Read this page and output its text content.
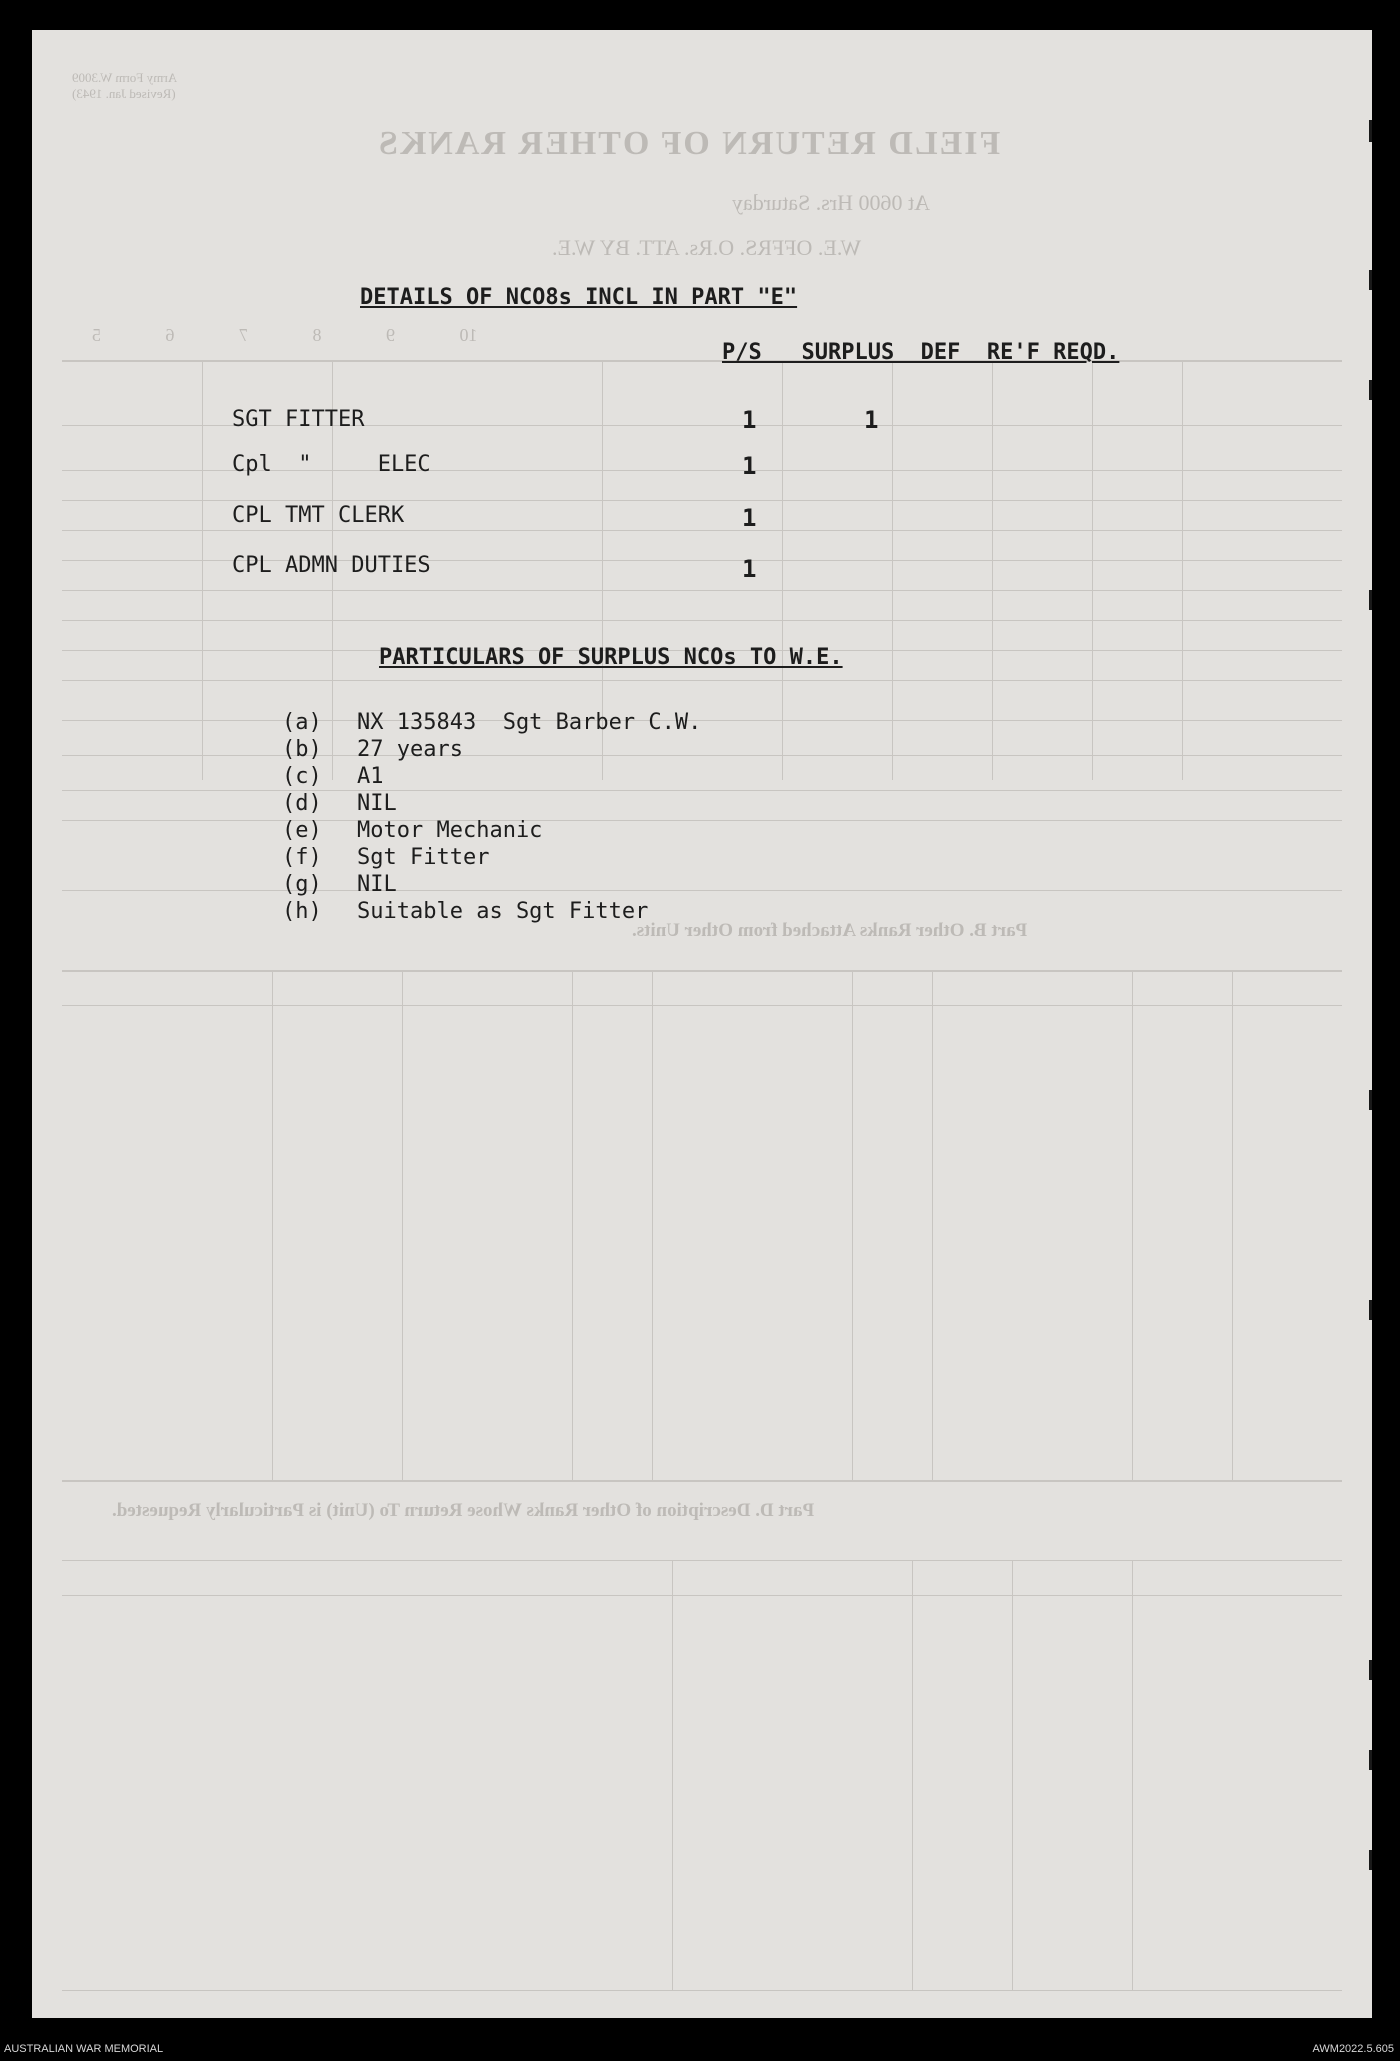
FIELD RETURN OF OTHER RANKS
Army Form W.3009
(Revised Jan. 1943)
At 0600 Hrs. Saturday
W.E. OFFRS. O.Rs. ATT. BY W.E.
Part B. Other Ranks Attached from Other Units.
Part D. Description of Other Ranks Whose Return To (Unit) is Particularly Requested.
10 9 8 7 6 5
DETAILS OF NCO8s INCL IN PART "E"
P/S   SURPLUS  DEF  RE'F REQD.
SGT FITTER	1	1
Cpl  "     ELEC	1
CPL TMT CLERK	1
CPL ADMN DUTIES	1
PARTICULARS OF SURPLUS NCOs TO W.E.
(a) NX 135843  Sgt Barber C.W.
(b) 27 years
(c) A1
(d) NIL
(e) Motor Mechanic
(f) Sgt Fitter
(g) NIL
(h) Suitable as Sgt Fitter
AUSTRALIAN WAR MEMORIAL	AWM2022.5.605
